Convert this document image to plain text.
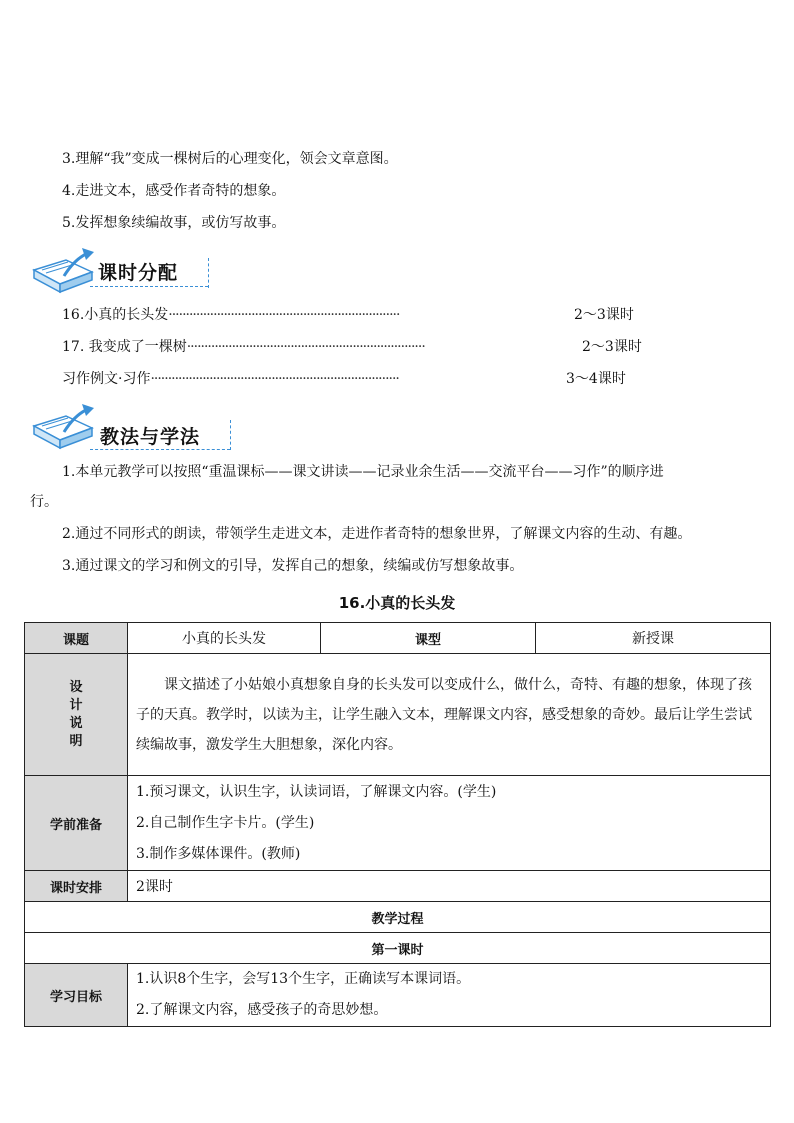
3.理解“我”变成一棵树后的心理变化，领会文章意图。
4.走进文本，感受作者奇特的想象。
5.发挥想象续编故事，或仿写故事。
课时分配
16.小真的长头发···································································	2～3课时
17. 我变成了一棵树·····································································	2～3课时
习作例文·习作········································································	3～4课时
教法与学法
1.本单元教学可以按照“重温课标——课文讲读——记录业余生活——交流平台——习作”的顺序进
行。
2.通过不同形式的朗读，带领学生走进文本，走进作者奇特的想象世界，了解课文内容的生动、有趣。
3.通过课文的学习和例文的引导，发挥自己的想象，续编或仿写想象故事。
16.小真的长头发
课题	小真的长头发	课型	新授课
设计说明	课文描述了小姑娘小真想象自身的长头发可以变成什么，做什么，奇特、有趣的想象，体现了孩子的天真。教学时，以读为主，让学生融入文本，理解课文内容，感受想象的奇妙。最后让学生尝试续编故事，激发学生大胆想象，深化内容。		

学前准备	1.预习课文，认识生字，认读词语，了解课文内容。(学生)
2.自己制作生字卡片。(学生)
3.制作多媒体课件。(教师)		

课时安排	2课时		
教学过程			
第一课时			
学习目标	1.认识8个生字，会写13个生字，正确读写本课词语。
2.了解课文内容，感受孩子的奇思妙想。		
